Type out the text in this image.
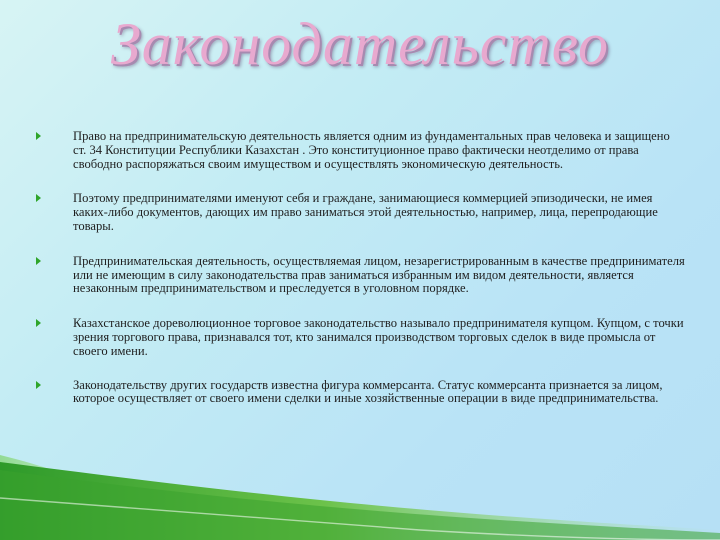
Законодательство
Право на предпринимательскую деятельность является одним из фундаментальных прав человека и защищено ст. 34 Конституции Республики Казахстан . Это конституционное право фактически неотделимо от права свободно распоряжаться своим имуществом и осуществлять экономическую деятельность.
Поэтому предпринимателями именуют себя и граждане, занимающиеся коммерцией эпизодически, не имея каких-либо документов, дающих им право заниматься этой деятельностью, например, лица, перепродающие товары.
Предпринимательская деятельность, осуществляемая лицом, незарегистрированным в качестве предпринимателя или не имеющим в силу законодательства прав заниматься избранным им видом деятельности, является незаконным предпринимательством и преследуется в уголовном порядке.
Казахстанское дореволюционное торговое законодательство называло предпринимателя купцом. Купцом, с точки зрения торгового права, признавался тот, кто занимался производством торговых сделок в виде промысла от своего имени.
Законодательству других государств известна фигура коммерсанта. Статус коммерсанта признается за лицом, которое осуществляет от своего имени сделки и иные хозяйственные операции в виде предпринимательства.
